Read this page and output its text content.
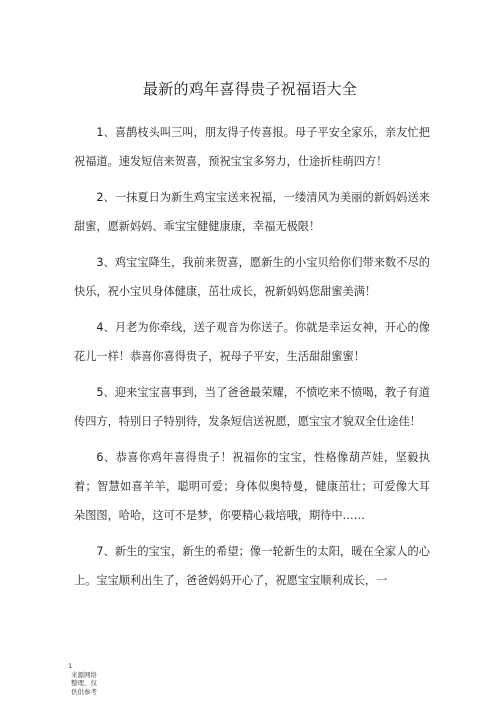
最新的鸡年喜得贵子祝福语大全

1、喜鹊枝头叫三叫，朋友得子传喜报。母子平安全家乐，亲友忙把祝福道。速发短信来贺喜，预祝宝宝多努力，仕途折桂萌四方！

2、一抹夏日为新生鸡宝宝送来祝福，一缕清风为美丽的新妈妈送来甜蜜，愿新妈妈、乖宝宝健健康康，幸福无极限！

3、鸡宝宝降生，我前来贺喜，愿新生的小宝贝给你们带来数不尽的快乐，祝小宝贝身体健康，茁壮成长，祝新妈妈您甜蜜美满！

4、月老为你牵线，送子观音为你送子。你就是幸运女神，开心的像花儿一样！恭喜你喜得贵子，祝母子平安，生活甜甜蜜蜜！

5、迎来宝宝喜事到，当了爸爸最荣耀，不愤吃来不愤喝，教子有道传四方，特别日子特别待，发条短信送祝愿，愿宝宝才貌双全仕途佳！

6、恭喜你鸡年喜得贵子！祝福你的宝宝，性格像葫芦娃，坚毅执着；智慧如喜羊羊，聪明可爱；身体似奥特曼，健康茁壮；可爱像大耳朵图图，哈哈，这可不是梦，你要精心栽培哦，期待中……

7、新生的宝宝，新生的希望；像一轮新生的太阳，暖在全家人的心上。宝宝顺利出生了，爸爸妈妈开心了，祝愿宝宝顺利成长，一

1
来源网络整理，仅供供参考
